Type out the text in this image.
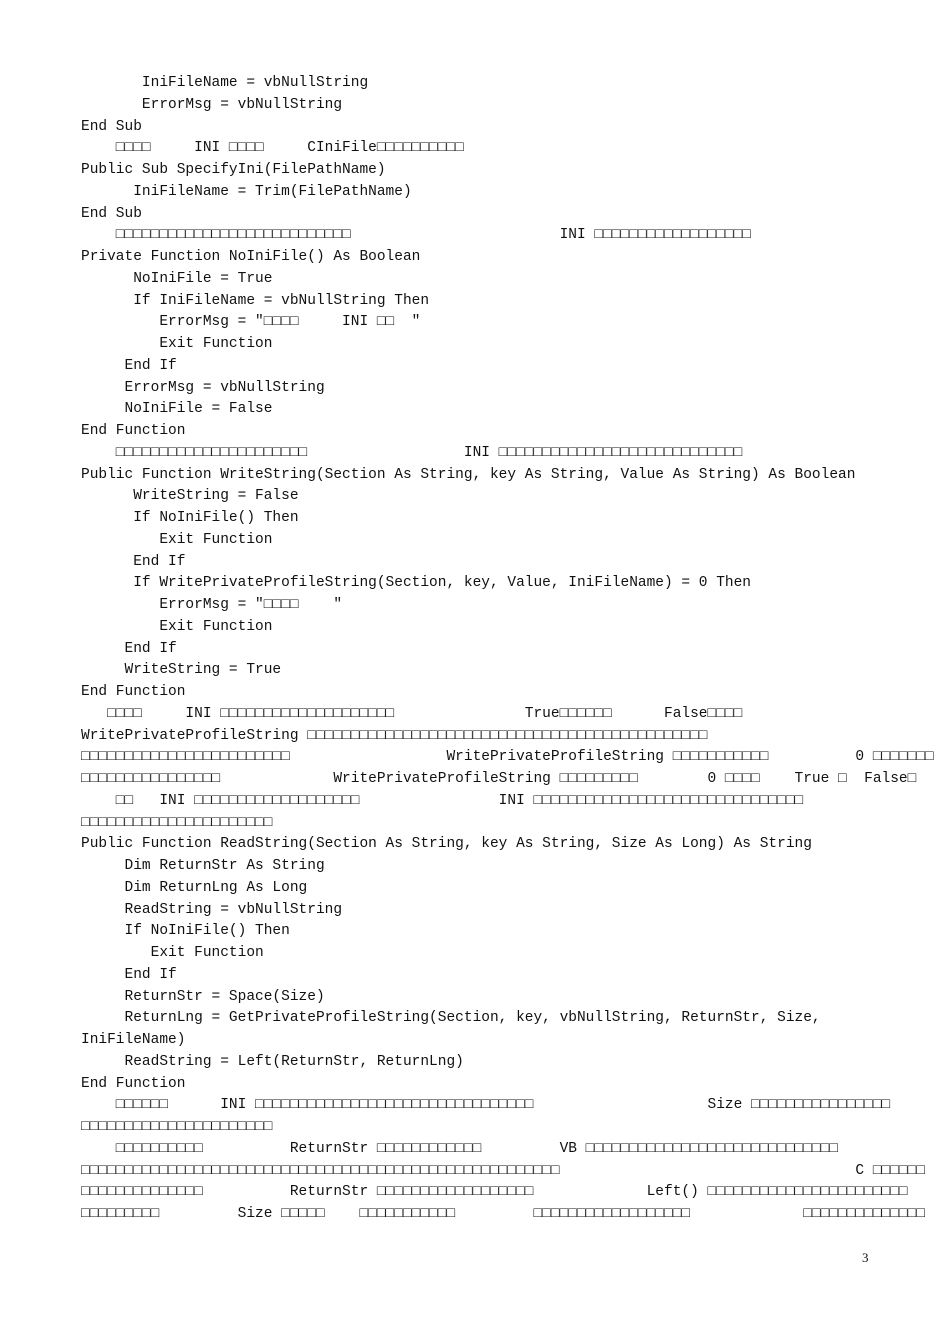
IniFileName = vbNullString
ErrorMsg = vbNullString
End Sub
□□□□     INI □□□□     CIniFile□□□□□□□□□□
Public Sub SpecifyIni(FilePathName)
IniFileName = Trim(FilePathName)
End Sub
□□□□□□□□□□□□□□□□□□□□□□□□□□□                        INI □□□□□□□□□□□□□□□□□□
Private Function NoIniFile() As Boolean
NoIniFile = True
If IniFileName = vbNullString Then
ErrorMsg = "□□□□     INI □□  "
Exit Function
End If
ErrorMsg = vbNullString
NoIniFile = False
End Function
□□□□□□□□□□□□□□□□□□□□□□                  INI □□□□□□□□□□□□□□□□□□□□□□□□□□□□
Public Function WriteString(Section As String, key As String, Value As String) As Boolean
WriteString = False
If NoIniFile() Then
Exit Function
End If
If WritePrivateProfileString(Section, key, Value, IniFileName) = 0 Then
ErrorMsg = "□□□□    "
Exit Function
End If
WriteString = True
End Function
□□□□     INI □□□□□□□□□□□□□□□□□□□□               True□□□□□□      False□□□□
WritePrivateProfileString □□□□□□□□□□□□□□□□□□□□□□□□□□□□□□□□□□□□□□□□□□□□□□
□□□□□□□□□□□□□□□□□□□□□□□□                  WritePrivateProfileString □□□□□□□□□□□          0 □□□□□□□
□□□□□□□□□□□□□□□□             WritePrivateProfileString □□□□□□□□□        0 □□□□    True □  False□
□□   INI □□□□□□□□□□□□□□□□□□□                INI □□□□□□□□□□□□□□□□□□□□□□□□□□□□□□□
□□□□□□□□□□□□□□□□□□□□□□
Public Function ReadString(Section As String, key As String, Size As Long) As String
Dim ReturnStr As String
Dim ReturnLng As Long
ReadString = vbNullString
If NoIniFile() Then
Exit Function
End If
ReturnStr = Space(Size)
ReturnLng = GetPrivateProfileString(Section, key, vbNullString, ReturnStr, Size,
IniFileName)
ReadString = Left(ReturnStr, ReturnLng)
End Function
□□□□□□      INI □□□□□□□□□□□□□□□□□□□□□□□□□□□□□□□□                    Size □□□□□□□□□□□□□□□□
□□□□□□□□□□□□□□□□□□□□□□
□□□□□□□□□□          ReturnStr □□□□□□□□□□□□         VB □□□□□□□□□□□□□□□□□□□□□□□□□□□□□
□□□□□□□□□□□□□□□□□□□□□□□□□□□□□□□□□□□□□□□□□□□□□□□□□□□□□□□                                  C □□□□□□
□□□□□□□□□□□□□□          ReturnStr □□□□□□□□□□□□□□□□□□             Left() □□□□□□□□□□□□□□□□□□□□□□□
□□□□□□□□□         Size □□□□□    □□□□□□□□□□□         □□□□□□□□□□□□□□□□□□             □□□□□□□□□□□□□□
3
